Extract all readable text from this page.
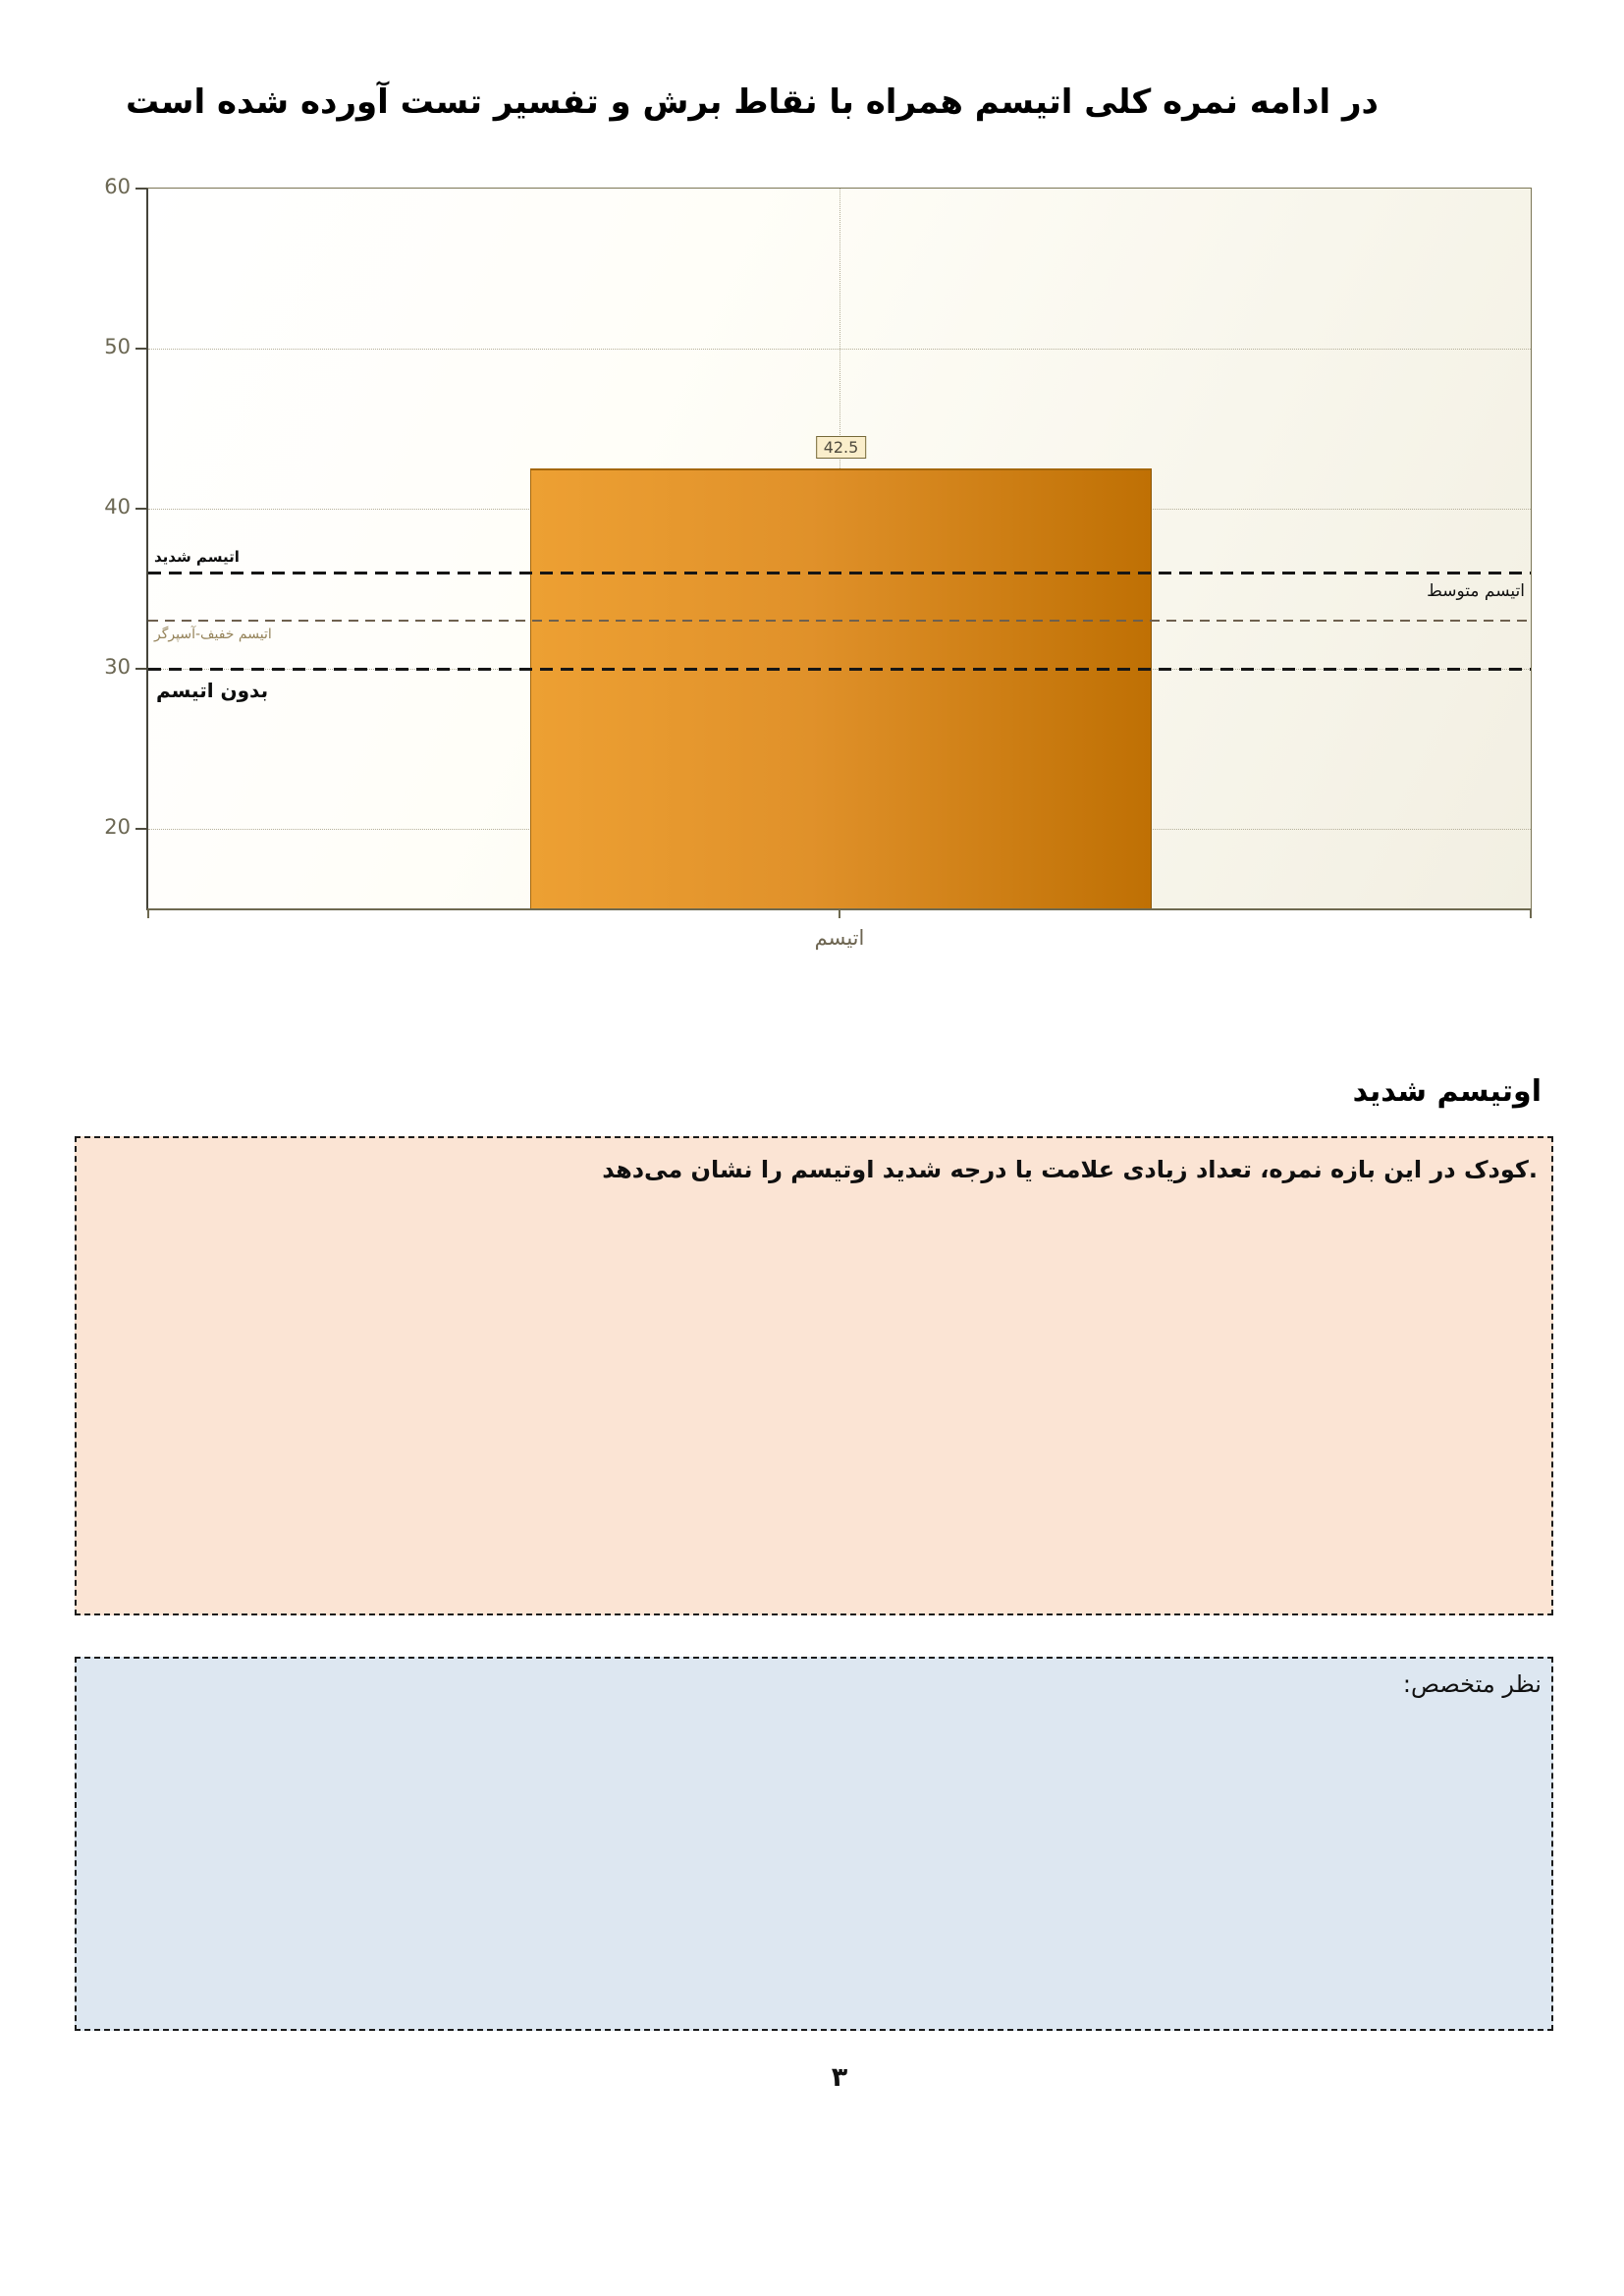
در ادامه نمره کلی اتیسم همراه با نقاط برش و تفسیر تست آورده شده است
60
50
40
30
20
42.5
اتیسم شدید
اتیسم متوسط
اتیسم خفیف-آسپرگر
بدون اتیسم
اتیسم
اوتیسم شدید
.کودک در این بازه نمره، تعداد زیادی علامت یا درجه شدید اوتیسم را نشان می‌دهد
نظر متخصص:
۳
